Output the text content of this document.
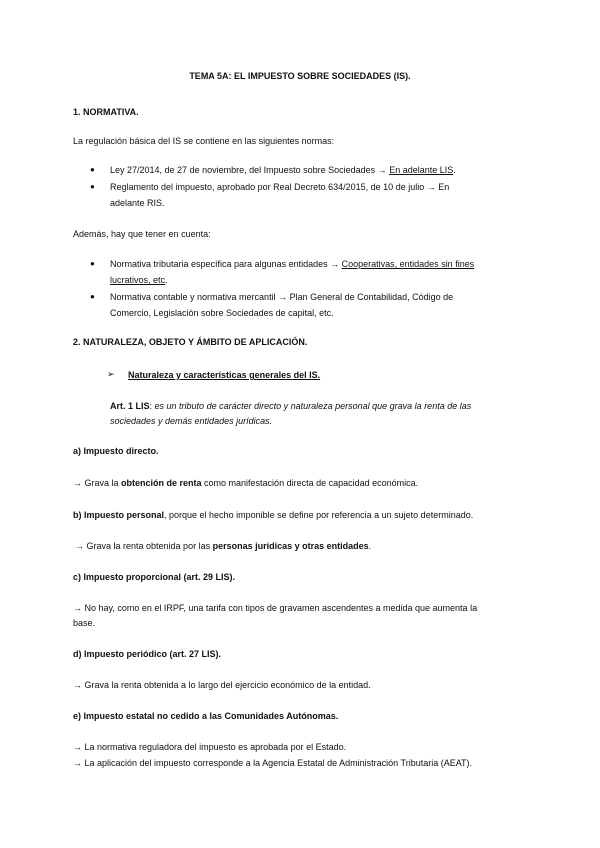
TEMA 5A: EL IMPUESTO SOBRE SOCIEDADES (IS).
1. NORMATIVA.
La regulación básica del IS se contiene en las siguientes normas:
● Ley 27/2014, de 27 de noviembre, del Impuesto sobre Sociedades → En adelante LIS.
● Reglamento del impuesto, aprobado por Real Decreto 634/2015, de 10 de julio → En
adelante RIS.
Además, hay que tener en cuenta:
● Normativa tributaria específica para algunas entidades → Cooperativas, entidades sin fines
lucrativos, etc.
● Normativa contable y normativa mercantil → Plan General de Contabilidad, Código de
Comercio, Legislación sobre Sociedades de capital, etc.
2. NATURALEZA, OBJETO Y ÁMBITO DE APLICACIÓN.
➢ Naturaleza y características generales del IS.
Art. 1 LIS: es un tributo de carácter directo y naturaleza personal que grava la renta de las
sociedades y demás entidades jurídicas.
a) Impuesto directo.
→ Grava la obtención de renta como manifestación directa de capacidad económica.
b) Impuesto personal, porque el hecho imponible se define por referencia a un sujeto determinado.
→ Grava la renta obtenida por las personas jurídicas y otras entidades.
c) Impuesto proporcional (art. 29 LIS).
→ No hay, como en el IRPF, una tarifa con tipos de gravamen ascendentes a medida que aumenta la
base.
d) Impuesto periódico (art. 27 LIS).
→ Grava la renta obtenida a lo largo del ejercicio económico de la entidad.
e) Impuesto estatal no cedido a las Comunidades Autónomas.
→ La normativa reguladora del impuesto es aprobada por el Estado.
→ La aplicación del impuesto corresponde a la Agencia Estatal de Administración Tributaria (AEAT).
